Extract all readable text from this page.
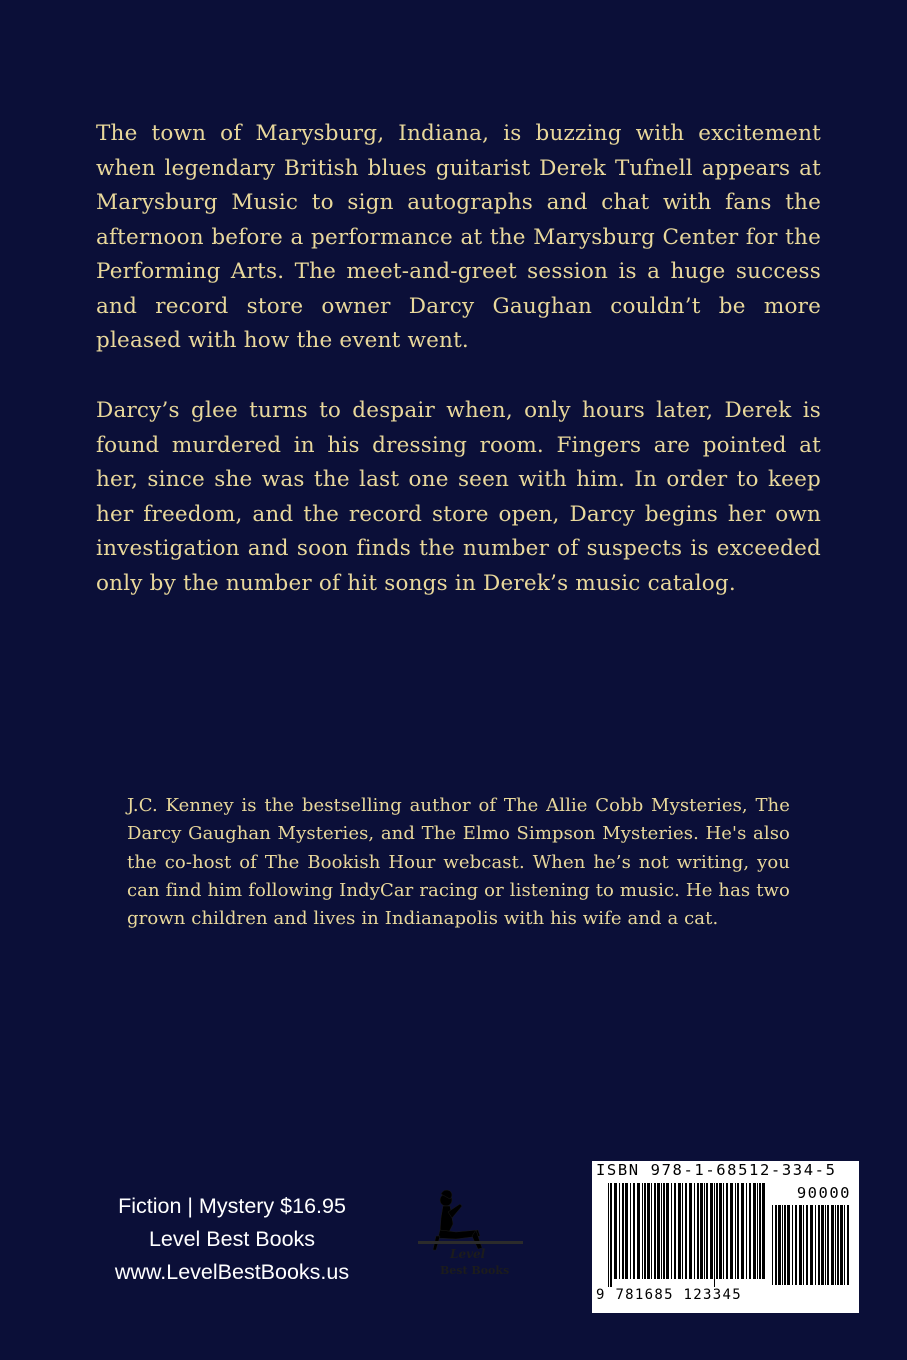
The town of Marysburg, Indiana, is buzzing with excitement when legendary British blues guitarist Derek Tufnell appears at Marysburg Music to sign autographs and chat with fans the afternoon before a performance at the Marysburg Center for the Performing Arts. The meet-and-greet session is a huge success and record store owner Darcy Gaughan couldn’t be more pleased with how the event went.

Darcy’s glee turns to despair when, only hours later, Derek is found murdered in his dressing room. Fingers are pointed at her, since she was the last one seen with him. In order to keep her freedom, and the record store open, Darcy begins her own investigation and soon finds the number of suspects is exceeded only by the number of hit songs in Derek’s music catalog.

J.C. Kenney is the bestselling author of The Allie Cobb Mysteries, The Darcy Gaughan Mysteries, and The Elmo Simpson Mysteries. He's also the co-host of The Bookish Hour webcast. When he’s not writing, you can find him following IndyCar racing or listening to music. He has two grown children and lives in Indianapolis with his wife and a cat.

Fiction | Mystery $16.95
Level Best Books
www.LevelBestBooks.us
Level
Best Books
ISBN 978-1-68512-334-5
90000
9 781685 123345
